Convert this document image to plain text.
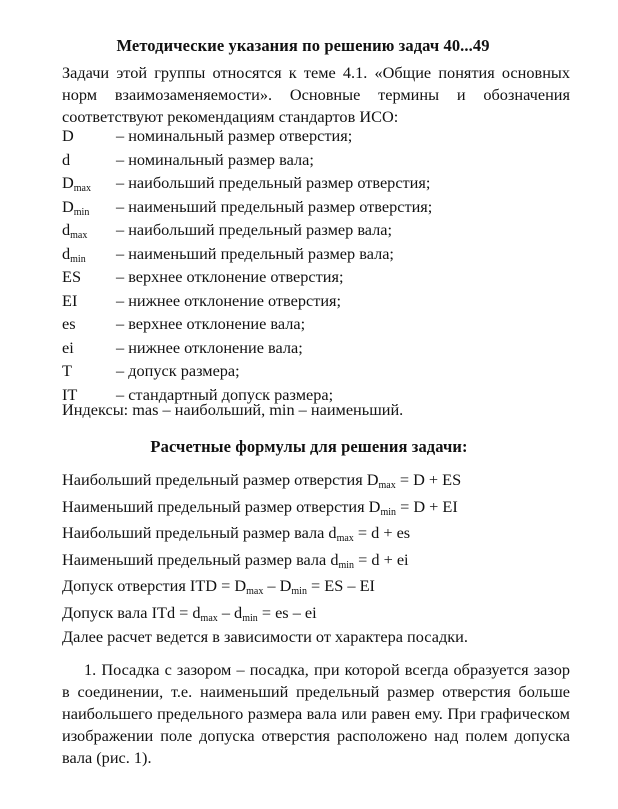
Методические указания по решению задач 40...49
Задачи этой группы относятся к теме 4.1. «Общие понятия основных норм взаимозаменяемости». Основные термины и обозначения соответствуют рекомендациям стандартов ИСО:
D	– номинальный размер отверстия;
d	– номинальный размер вала;
$D_{max}$ – наибольший предельный размер отверстия;
$D_{min}$ – наименьший предельный размер отверстия;
$d_{max}$ – наибольший предельный размер вала;
$d_{min}$ – наименьший предельный размер вала;
ES – верхнее отклонение отверстия;
EI – нижнее отклонение отверстия;
es – верхнее отклонение вала;
ei	– нижнее отклонение вала;
T	– допуск размера;
IT – стандартный допуск размера;
Индексы: mas – наибольший, min – наименьший.
Расчетные формулы для решения задачи:
Наибольший предельный размер отверстия $D_{max} = D$ + ES
Наименьший предельный размер отверстия $D_{min} = D$ + EI
Наибольший предельный размер вала $d_{max} = d$ + es
Наименьший предельный размер вала $d_{min} = d$ + ei
Допуск отверстия ITD = $D_{max} - D_{min}$ = ES – EI
Допуск вала ITd = $d_{max} - d_{min}$ = es – ei
Далее расчет ведется в зависимости от характера посадки.
1. Посадка с зазором – посадка, при которой всегда образуется зазор в соединении, т.е. наименьший предельный размер отверстия больше наибольшего предельного размера вала или равен ему. При графическом изображении поле допуска отверстия расположено над полем допуска вала (рис. 1).
